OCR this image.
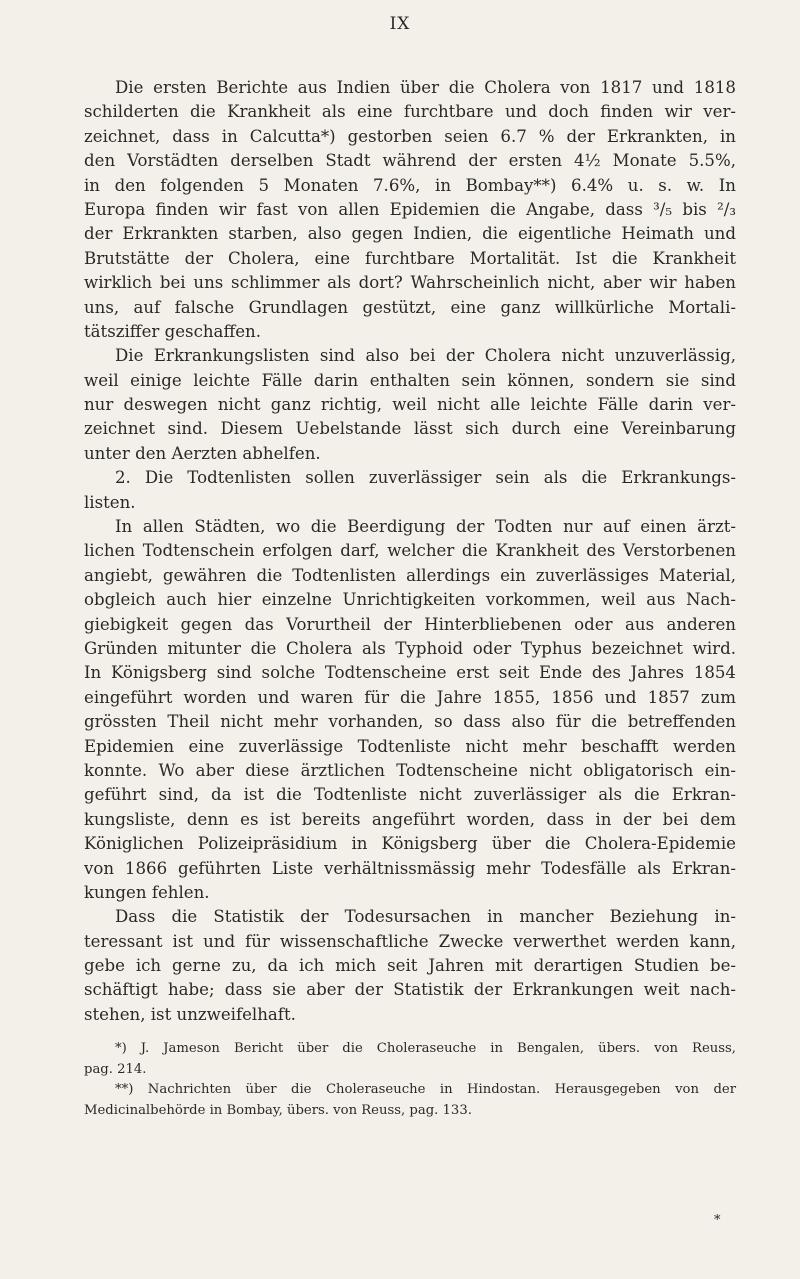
IX
Die ersten Berichte aus Indien über die Cholera von 1817 und 1818
schilderten die Krankheit als eine furchtbare und doch finden wir ver-
zeichnet, dass in Calcutta*) gestorben seien 6.7 % der Erkrankten, in
den Vorstädten derselben Stadt während der ersten 4½ Monate 5.5%,
in den folgenden 5 Monaten 7.6%, in Bombay**) 6.4% u. s. w. In
Europa finden wir fast von allen Epidemien die Angabe, dass ³/₅ bis ²/₃
der Erkrankten starben, also gegen Indien, die eigentliche Heimath und
Brutstätte der Cholera, eine furchtbare Mortalität. Ist die Krankheit
wirklich bei uns schlimmer als dort? Wahrscheinlich nicht, aber wir haben
uns, auf falsche Grundlagen gestützt, eine ganz willkürliche Mortali-
tätsziffer geschaffen.
Die Erkrankungslisten sind also bei der Cholera nicht unzuverlässig,
weil einige leichte Fälle darin enthalten sein können, sondern sie sind
nur deswegen nicht ganz richtig, weil nicht alle leichte Fälle darin ver-
zeichnet sind. Diesem Uebelstande lässt sich durch eine Vereinbarung
unter den Aerzten abhelfen.
2. Die Todtenlisten sollen zuverlässiger sein als die Erkrankungs-
listen.
In allen Städten, wo die Beerdigung der Todten nur auf einen ärzt-
lichen Todtenschein erfolgen darf, welcher die Krankheit des Verstorbenen
angiebt, gewähren die Todtenlisten allerdings ein zuverlässiges Material,
obgleich auch hier einzelne Unrichtigkeiten vorkommen, weil aus Nach-
giebigkeit gegen das Vorurtheil der Hinterbliebenen oder aus anderen
Gründen mitunter die Cholera als Typhoid oder Typhus bezeichnet wird.
In Königsberg sind solche Todtenscheine erst seit Ende des Jahres 1854
eingeführt worden und waren für die Jahre 1855, 1856 und 1857 zum
grössten Theil nicht mehr vorhanden, so dass also für die betreffenden
Epidemien eine zuverlässige Todtenliste nicht mehr beschafft werden
konnte. Wo aber diese ärztlichen Todtenscheine nicht obligatorisch ein-
geführt sind, da ist die Todtenliste nicht zuverlässiger als die Erkran-
kungsliste, denn es ist bereits angeführt worden, dass in der bei dem
Königlichen Polizeipräsidium in Königsberg über die Cholera-Epidemie
von 1866 geführten Liste verhältnissmässig mehr Todesfälle als Erkran-
kungen fehlen.
Dass die Statistik der Todesursachen in mancher Beziehung in-
teressant ist und für wissenschaftliche Zwecke verwerthet werden kann,
gebe ich gerne zu, da ich mich seit Jahren mit derartigen Studien be-
schäftigt habe; dass sie aber der Statistik der Erkrankungen weit nach-
stehen, ist unzweifelhaft.
*) J. Jameson Bericht über die Choleraseuche in Bengalen, übers. von Reuss,
pag. 214.
**) Nachrichten über die Choleraseuche in Hindostan. Herausgegeben von der
Medicinalbehörde in Bombay, übers. von Reuss, pag. 133.
*
